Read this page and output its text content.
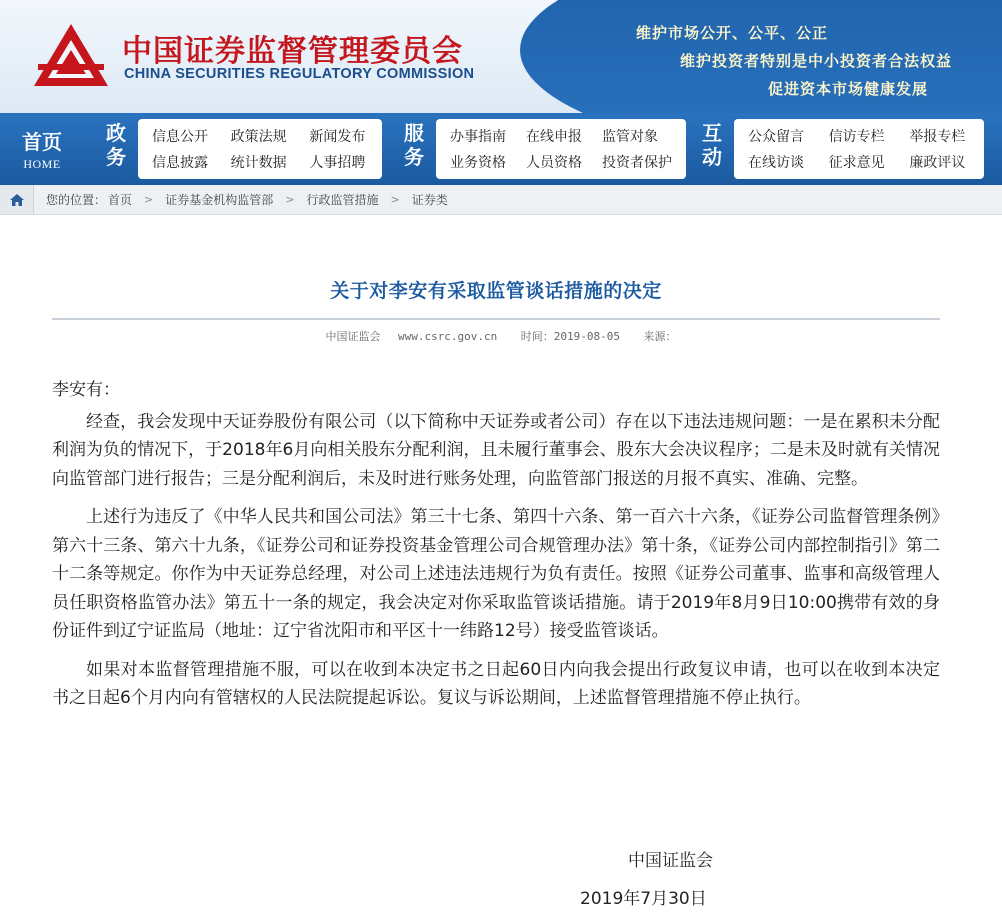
中国证券监督管理委员会
CHINA SECURITIES REGULATORY COMMISSION
维护市场公开、公平、公正
维护投资者特别是中小投资者合法权益
促进资本市场健康发展
首页
HOME
政务
信息公开 政策法规 新闻发布
信息披露 统计数据 人事招聘
服务
办事指南 在线申报 监管对象
业务资格 人员资格 投资者保护
互动
公众留言	信访专栏	举报专栏
在线访谈	征求意见	廉政评议
您的位置： 首页	>	证券基金机构监管部	>	行政监管措施	>	证券类
关于对李安有采取监管谈话措施的决定
中国证监会 www.csrc.gov.cn 时间：2019-08-05 来源：

李安有：

经查，我会发现中天证券股份有限公司（以下简称中天证券或者公司）存在以下违法违规问题：一是在累积未分配利润为负的情况下，于2018年6月向相关股东分配利润，且未履行董事会、股东大会决议程序；二是未及时就有关情况向监管部门进行报告；三是分配利润后，未及时进行账务处理，向监管部门报送的月报不真实、准确、完整。

上述行为违反了《中华人民共和国公司法》第三十七条、第四十六条、第一百六十六条，《证券公司监督管理条例》第六十三条、第六十九条，《证券公司和证券投资基金管理公司合规管理办法》第十条，《证券公司内部控制指引》第二十二条等规定。你作为中天证券总经理，对公司上述违法违规行为负有责任。按照《证券公司董事、监事和高级管理人员任职资格监管办法》第五十一条的规定，我会决定对你采取监管谈话措施。请于2019年8月9日10:00携带有效的身份证件到辽宁证监局（地址：辽宁省沈阳市和平区十一纬路12号）接受监管谈话。

如果对本监督管理措施不服，可以在收到本决定书之日起60日内向我会提出行政复议申请，也可以在收到本决定书之日起6个月内向有管辖权的人民法院提起诉讼。复议与诉讼期间，上述监督管理措施不停止执行。

中国证监会
2019年7月30日
